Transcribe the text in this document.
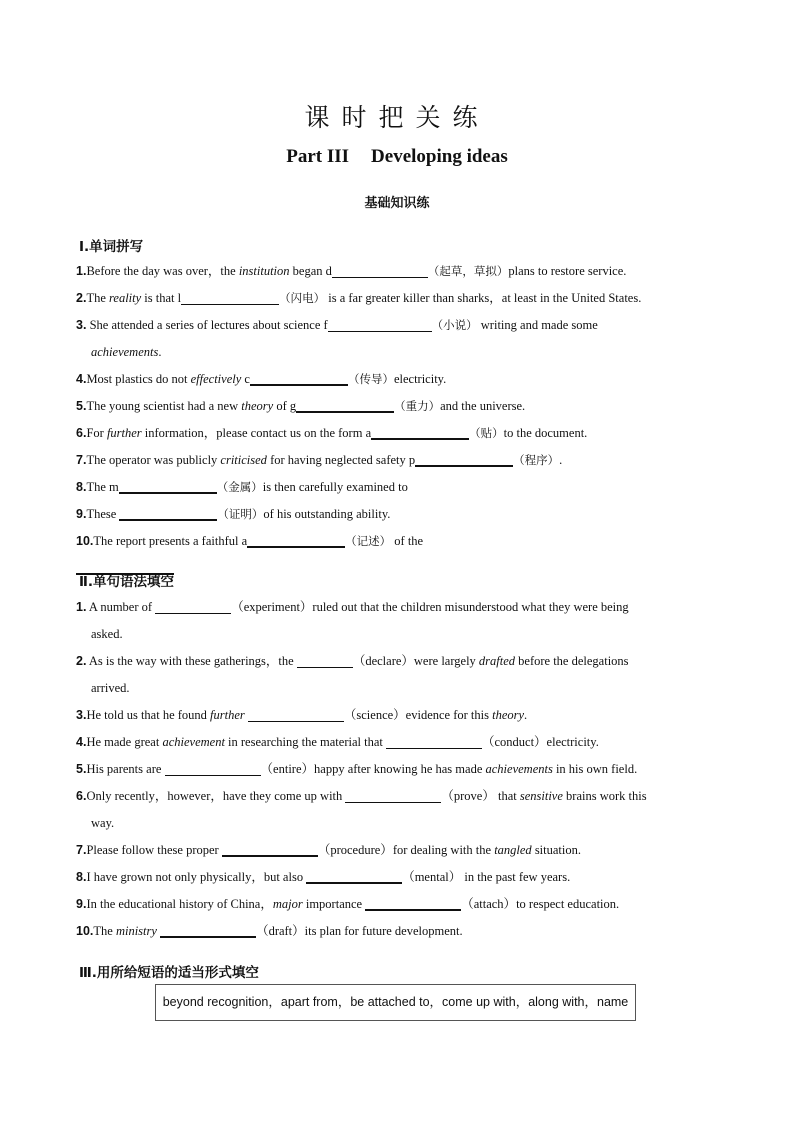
课时把关练
Part III Developing ideas
基础知识练
Ⅰ.单词拼写
1.Before the day was over，the institution began d	（起草，草拟）plans to restore service.
2.The reality is that l	（闪电） is a far greater killer than sharks，at least in the United States.
3. She attended a series of lectures about science f	（小说） writing and made some
achievements.
4.Most plastics do not effectively c	（传导）electricity.
5.The young scientist had a new theory of g	（重力）and the universe.
6.For further information，please contact us on the form a	（贴）to the document.
7.The operator was publicly criticised for having neglected safety p	（程序）.
8.The m	（金属）is then carefully examined to
9.These	（证明）of his outstanding ability.
10.The report presents a faithful a	（记述） of the
Ⅱ.单句语法填空
1. A number of	（experiment）ruled out that the children misunderstood what they were being
asked.
2. As is the way with these gatherings，the	（declare）were largely drafted before the delegations
arrived.
3.He told us that he found further	（science）evidence for this theory.
4.He made great achievement in researching the material that	（conduct）electricity.
5.His parents are	（entire）happy after knowing he has made achievements in his own field.
6.Only recently，however，have they come up with	（prove） that sensitive brains work this
way.
7.Please follow these proper	（procedure）for dealing with the tangled situation.
8.I have grown not only physically，but also	（mental） in the past few years.
9.In the educational history of China，major importance	（attach）to respect education.
10.The ministry	（draft）its plan for future development.
Ⅲ.用所给短语的适当形式填空
beyond recognition，apart from，be attached to，come up with，along with，name
